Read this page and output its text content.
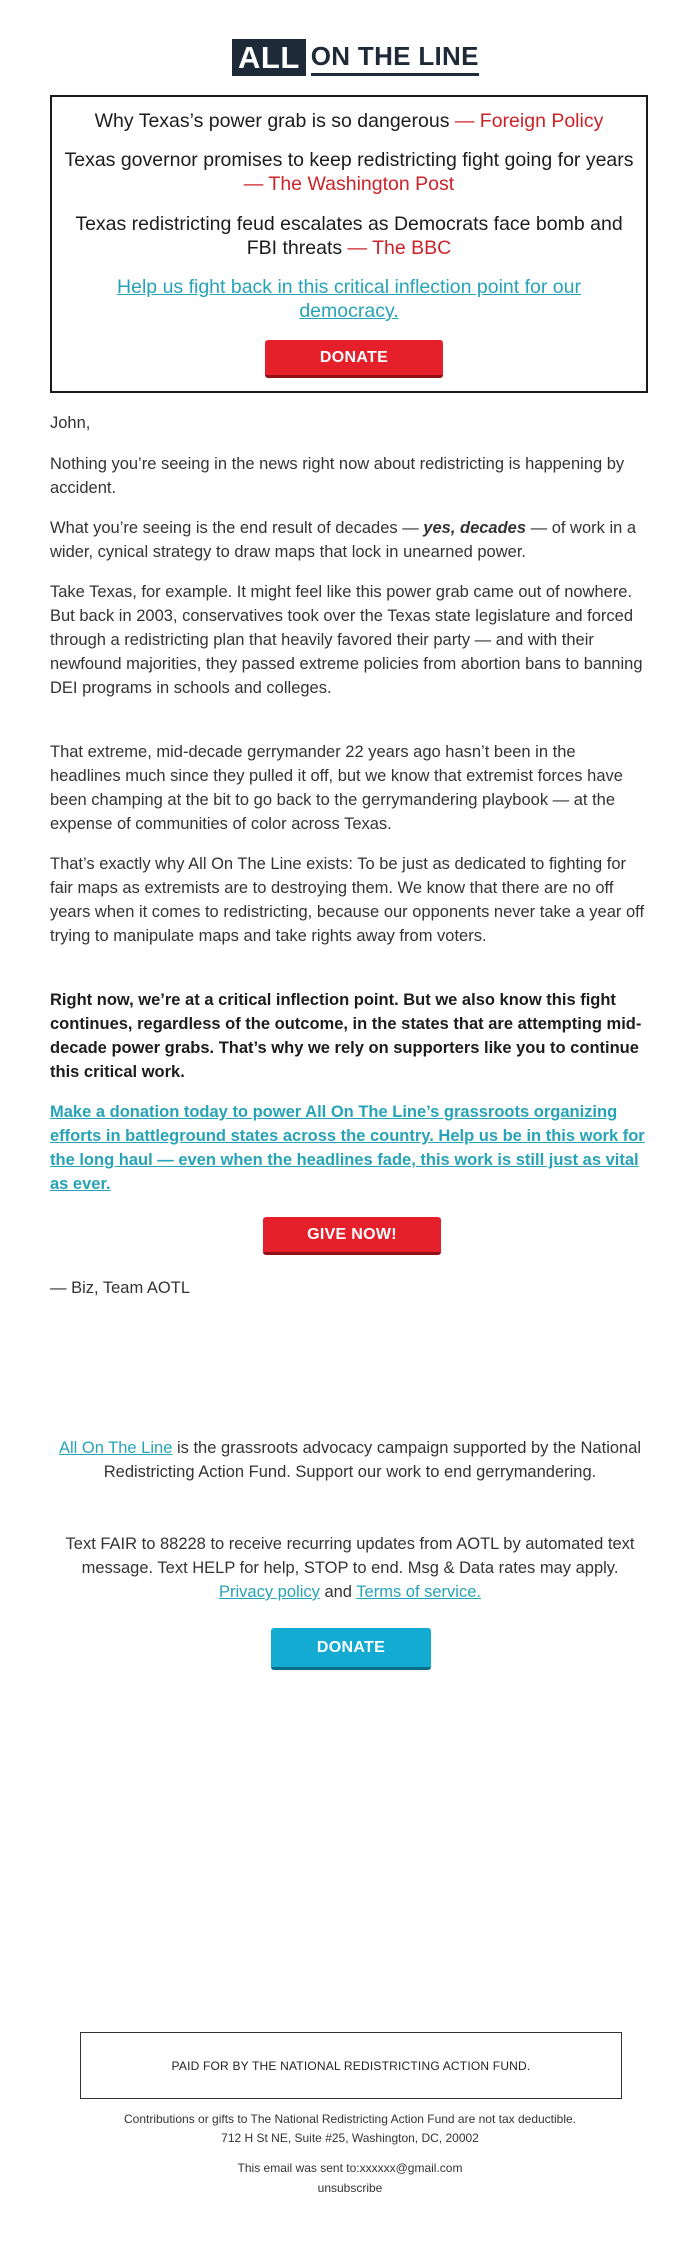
ALL ON THE LINE
Why Texas’s power grab is so dangerous — Foreign Policy
Texas governor promises to keep redistricting fight going for years — The Washington Post
Texas redistricting feud escalates as Democrats face bomb and FBI threats — The BBC
Help us fight back in this critical inflection point for our democracy.
DONATE
John,
Nothing you’re seeing in the news right now about redistricting is happening by accident.
What you’re seeing is the end result of decades — yes, decades — of work in a wider, cynical strategy to draw maps that lock in unearned power.
Take Texas, for example. It might feel like this power grab came out of nowhere. But back in 2003, conservatives took over the Texas state legislature and forced through a redistricting plan that heavily favored their party — and with their newfound majorities, they passed extreme policies from abortion bans to banning DEI programs in schools and colleges.
That extreme, mid-decade gerrymander 22 years ago hasn’t been in the headlines much since they pulled it off, but we know that extremist forces have been champing at the bit to go back to the gerrymandering playbook — at the expense of communities of color across Texas.
That’s exactly why All On The Line exists: To be just as dedicated to fighting for fair maps as extremists are to destroying them. We know that there are no off years when it comes to redistricting, because our opponents never take a year off trying to manipulate maps and take rights away from voters.
Right now, we’re at a critical inflection point. But we also know this fight continues, regardless of the outcome, in the states that are attempting mid-decade power grabs. That’s why we rely on supporters like you to continue this critical work.
Make a donation today to power All On The Line’s grassroots organizing efforts in battleground states across the country. Help us be in this work for the long haul — even when the headlines fade, this work is still just as vital as ever.
GIVE NOW!
— Biz, Team AOTL
All On The Line is the grassroots advocacy campaign supported by the National Redistricting Action Fund. Support our work to end gerrymandering.
Text FAIR to 88228 to receive recurring updates from AOTL by automated text message. Text HELP for help, STOP to end. Msg & Data rates may apply. Privacy policy and Terms of service.
DONATE
PAID FOR BY THE NATIONAL REDISTRICTING ACTION FUND.
Contributions or gifts to The National Redistricting Action Fund are not tax deductible.
712 H St NE, Suite #25, Washington, DC, 20002
This email was sent to:xxxxxx@gmail.com
unsubscribe
